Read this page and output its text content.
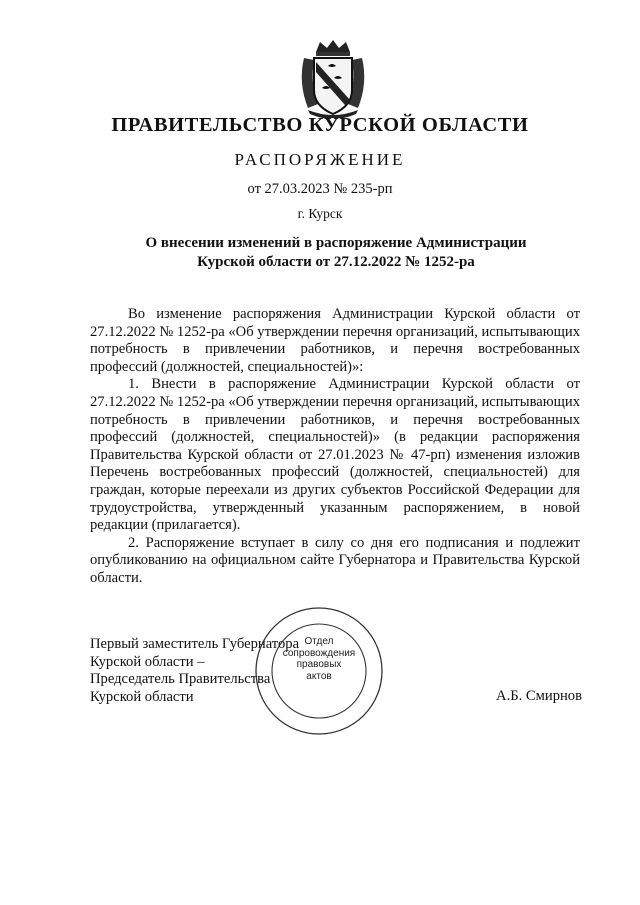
ПРАВИТЕЛЬСТВО КУРСКОЙ ОБЛАСТИ
РАСПОРЯЖЕНИЕ
от 27.03.2023 № 235-рп
г. Курск
О внесении изменений в распоряжение Администрации
Курской области от 27.12.2022 № 1252-ра

Во изменение распоряжения Администрации Курской области от 27.12.2022 № 1252-ра «Об утверждении перечня организаций, испытывающих потребность в привлечении работников, и перечня востребованных профессий (должностей, специальностей)»:

1. Внести в распоряжение Администрации Курской области от 27.12.2022 № 1252-ра «Об утверждении перечня организаций, испытывающих потребность в привлечении работников, и перечня востребованных профессий (должностей, специальностей)» (в редакции распоряжения Правительства Курской области от 27.01.2023 № 47-рп) изменения изложив Перечень востребованных профессий (должностей, специальностей) для граждан, которые переехали из других субъектов Российской Федерации для трудоустройства, утвержденный указанным распоряжением, в новой редакции (прилагается).

2. Распоряжение вступает в силу со дня его подписания и подлежит опубликованию на официальном сайте Губернатора и Правительства Курской области.

Первый заместитель Губернатора
Курской области –
Председатель Правительства
Курской области	А.Б. Смирнов
Отдел
сопровождения
правовых
актов
